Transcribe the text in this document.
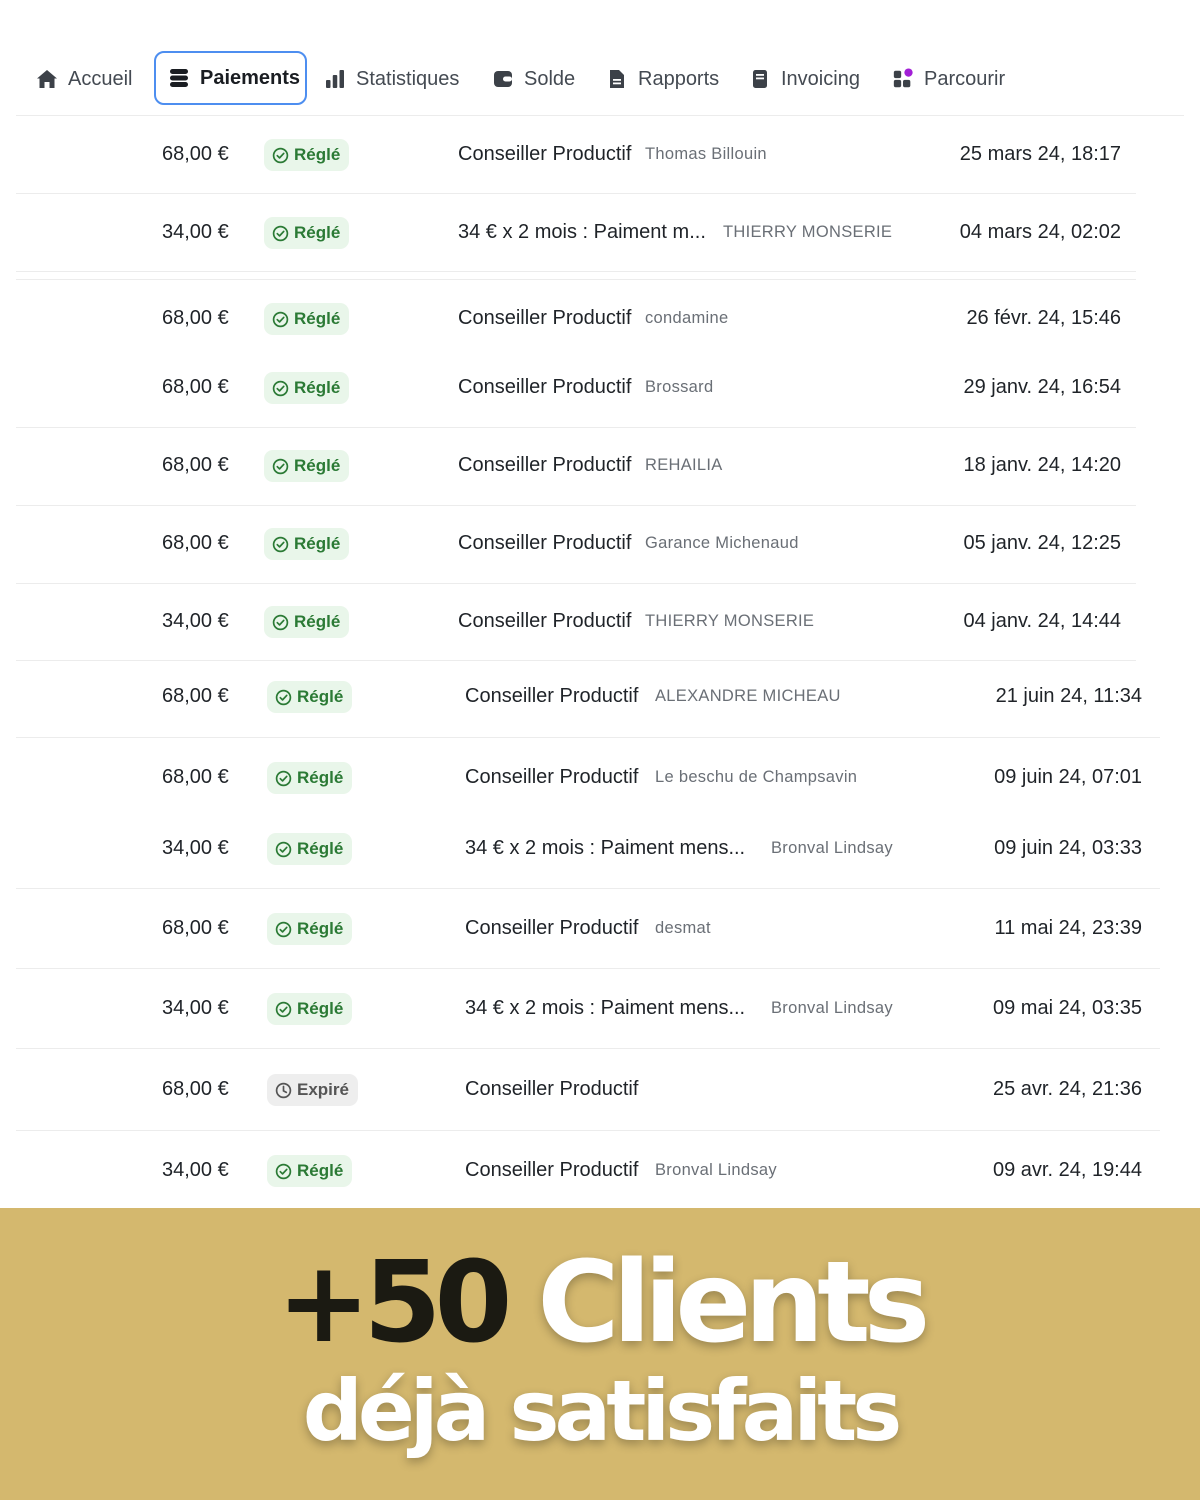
Accueil	Paiements	Statistiques	Solde	Rapports	Invoicing	Parcourir
68,00 €	Réglé	Conseiller Productif Thomas Billouin	25 mars 24, 18:17
34,00 €	Réglé	34 € x 2 mois : Paiment m... THIERRY MONSERIE	04 mars 24, 02:02
68,00 €	Réglé	Conseiller Productif condamine	26 févr. 24, 15:46
68,00 €	Réglé	Conseiller Productif Brossard	29 janv. 24, 16:54
68,00 €	Réglé	Conseiller Productif REHAILIA	18 janv. 24, 14:20
68,00 €	Réglé	Conseiller Productif Garance Michenaud	05 janv. 24, 12:25
34,00 €	Réglé	Conseiller Productif THIERRY MONSERIE	04 janv. 24, 14:44
68,00 €	Réglé	Conseiller Productif ALEXANDRE MICHEAU	21 juin 24, 11:34
68,00 €	Réglé	Conseiller Productif Le beschu de Champsavin	09 juin 24, 07:01
34,00 €	Réglé	34 € x 2 mois : Paiment mens... Bronval Lindsay	09 juin 24, 03:33
68,00 €	Réglé	Conseiller Productif desmat	11 mai 24, 23:39
34,00 €	Réglé	34 € x 2 mois : Paiment mens... Bronval Lindsay	09 mai 24, 03:35
68,00 €	Expiré	Conseiller Productif	25 avr. 24, 21:36
34,00 €	Réglé	Conseiller Productif Bronval Lindsay	09 avr. 24, 19:44
+50 Clients
déjà satisfaits
